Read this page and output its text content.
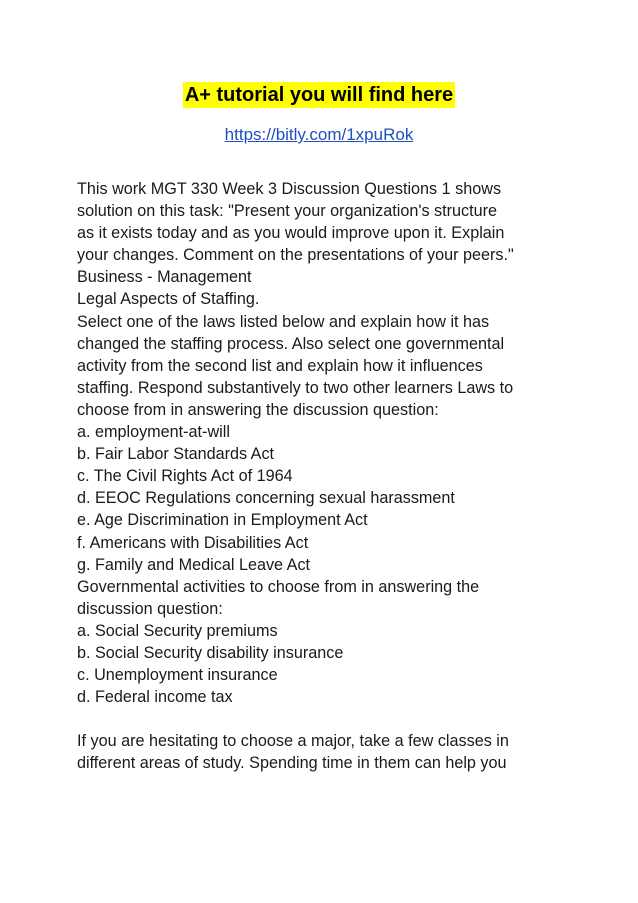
A+ tutorial you will find here
https://bitly.com/1xpuRok

This work MGT 330 Week 3 Discussion Questions 1 shows

solution on this task: "Present your organization's structure

as it exists today and as you would improve upon it. Explain

your changes. Comment on the presentations of your peers."

Business - Management

Legal Aspects of Staffing.

Select one of the laws listed below and explain how it has

changed the staffing process. Also select one governmental

activity from the second list and explain how it influences

staffing. Respond substantively to two other learners Laws to

choose from in answering the discussion question:

a. employment-at-will

b. Fair Labor Standards Act

c. The Civil Rights Act of 1964

d. EEOC Regulations concerning sexual harassment

e. Age Discrimination in Employment Act

f. Americans with Disabilities Act

g. Family and Medical Leave Act

Governmental activities to choose from in answering the

discussion question:

a. Social Security premiums

b. Social Security disability insurance

c. Unemployment insurance

d. Federal income tax

If you are hesitating to choose a major, take a few classes in

different areas of study. Spending time in them can help you
